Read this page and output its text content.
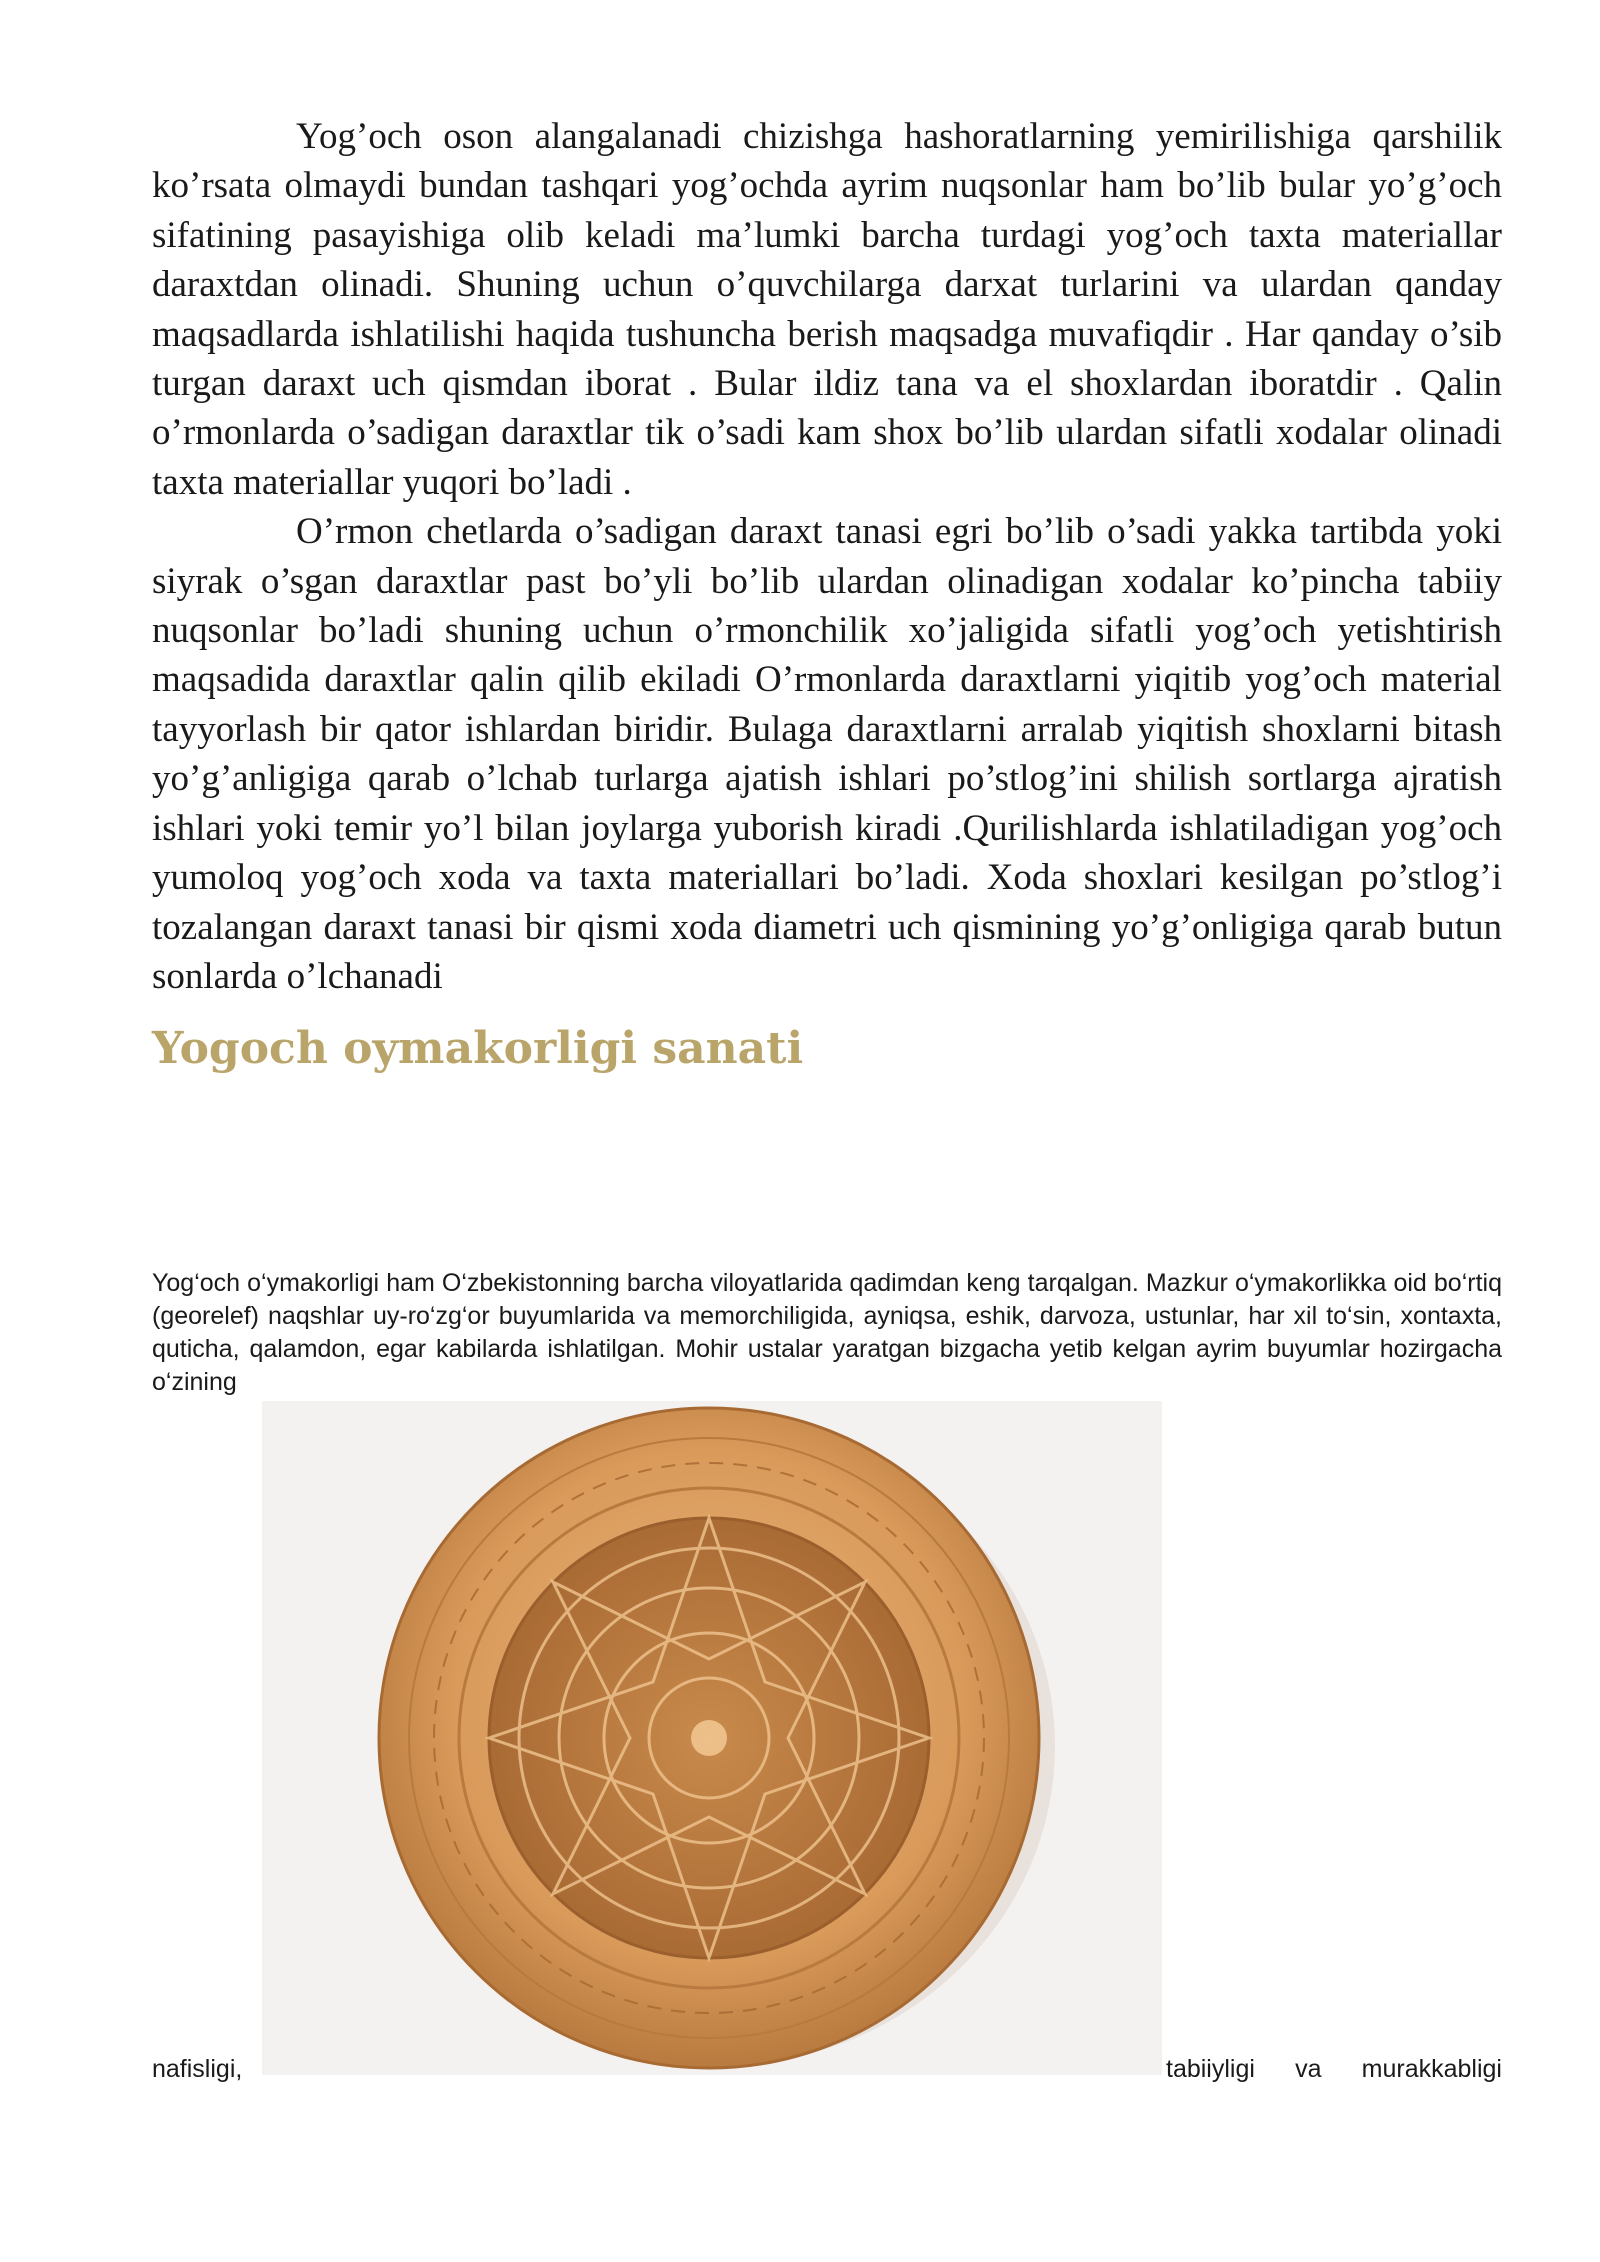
Yog’och oson alangalanadi chizishga hashoratlarning yemirilishiga qarshilik ko’rsata olmaydi bundan tashqari yog’ochda ayrim nuqsonlar ham bo’lib bular yo’g’och sifatining pasayishiga olib keladi ma’lumki barcha turdagi yog’och taxta materiallar daraxtdan olinadi. Shuning uchun o’quvchilarga darxat turlarini va ulardan qanday maqsadlarda ishlatilishi haqida tushuncha berish maqsadga muvafiqdir . Har qanday o’sib turgan daraxt uch qismdan iborat . Bular ildiz tana va el shoxlardan iboratdir . Qalin o’rmonlarda o’sadigan daraxtlar tik o’sadi kam shox bo’lib ulardan sifatli xodalar olinadi taxta materiallar yuqori bo’ladi .

O’rmon chetlarda o’sadigan daraxt tanasi egri bo’lib o’sadi yakka tartibda yoki siyrak o’sgan daraxtlar past bo’yli bo’lib ulardan olinadigan xodalar ko’pincha tabiiy nuqsonlar bo’ladi shuning uchun o’rmonchilik xo’jaligida sifatli yog’och yetishtirish maqsadida daraxtlar qalin qilib ekiladi O’rmonlarda daraxtlarni yiqitib yog’och material tayyorlash bir qator ishlardan biridir. Bulaga daraxtlarni arralab yiqitish shoxlarni bitash yo’g’anligiga qarab o’lchab turlarga ajatish ishlari po’stlog’ini shilish sortlarga ajratish ishlari yoki temir yo’l bilan joylarga yuborish kiradi .Qurilishlarda ishlatiladigan yog’och yumoloq yog’och xoda va taxta materiallari bo’ladi. Xoda shoxlari kesilgan po’stlog’i tozalangan daraxt tanasi bir qismi xoda diametri uch qismining yo’g’onligiga qarab butun sonlarda o’lchanadi

Yogoch oymakorligi sanati

Yog‘och o‘ymakorligi ham O‘zbekistonning barcha viloyatlarida qadimdan keng tarqalgan. Mazkur o‘ymakorlikka oid bo‘rtiq (georelef) naqshlar uy-ro‘zg‘or buyumlarida va memorchiligida, ayniqsa, eshik, darvoza, ustunlar, har xil to‘sin, xontaxta, quticha, qalamdon, egar kabilarda ishlatilgan. Mohir ustalar yaratgan bizgacha yetib kelgan ayrim buyumlar hozirgacha o‘zining

nafisligi,	tabiiyligi va murakkabligi
